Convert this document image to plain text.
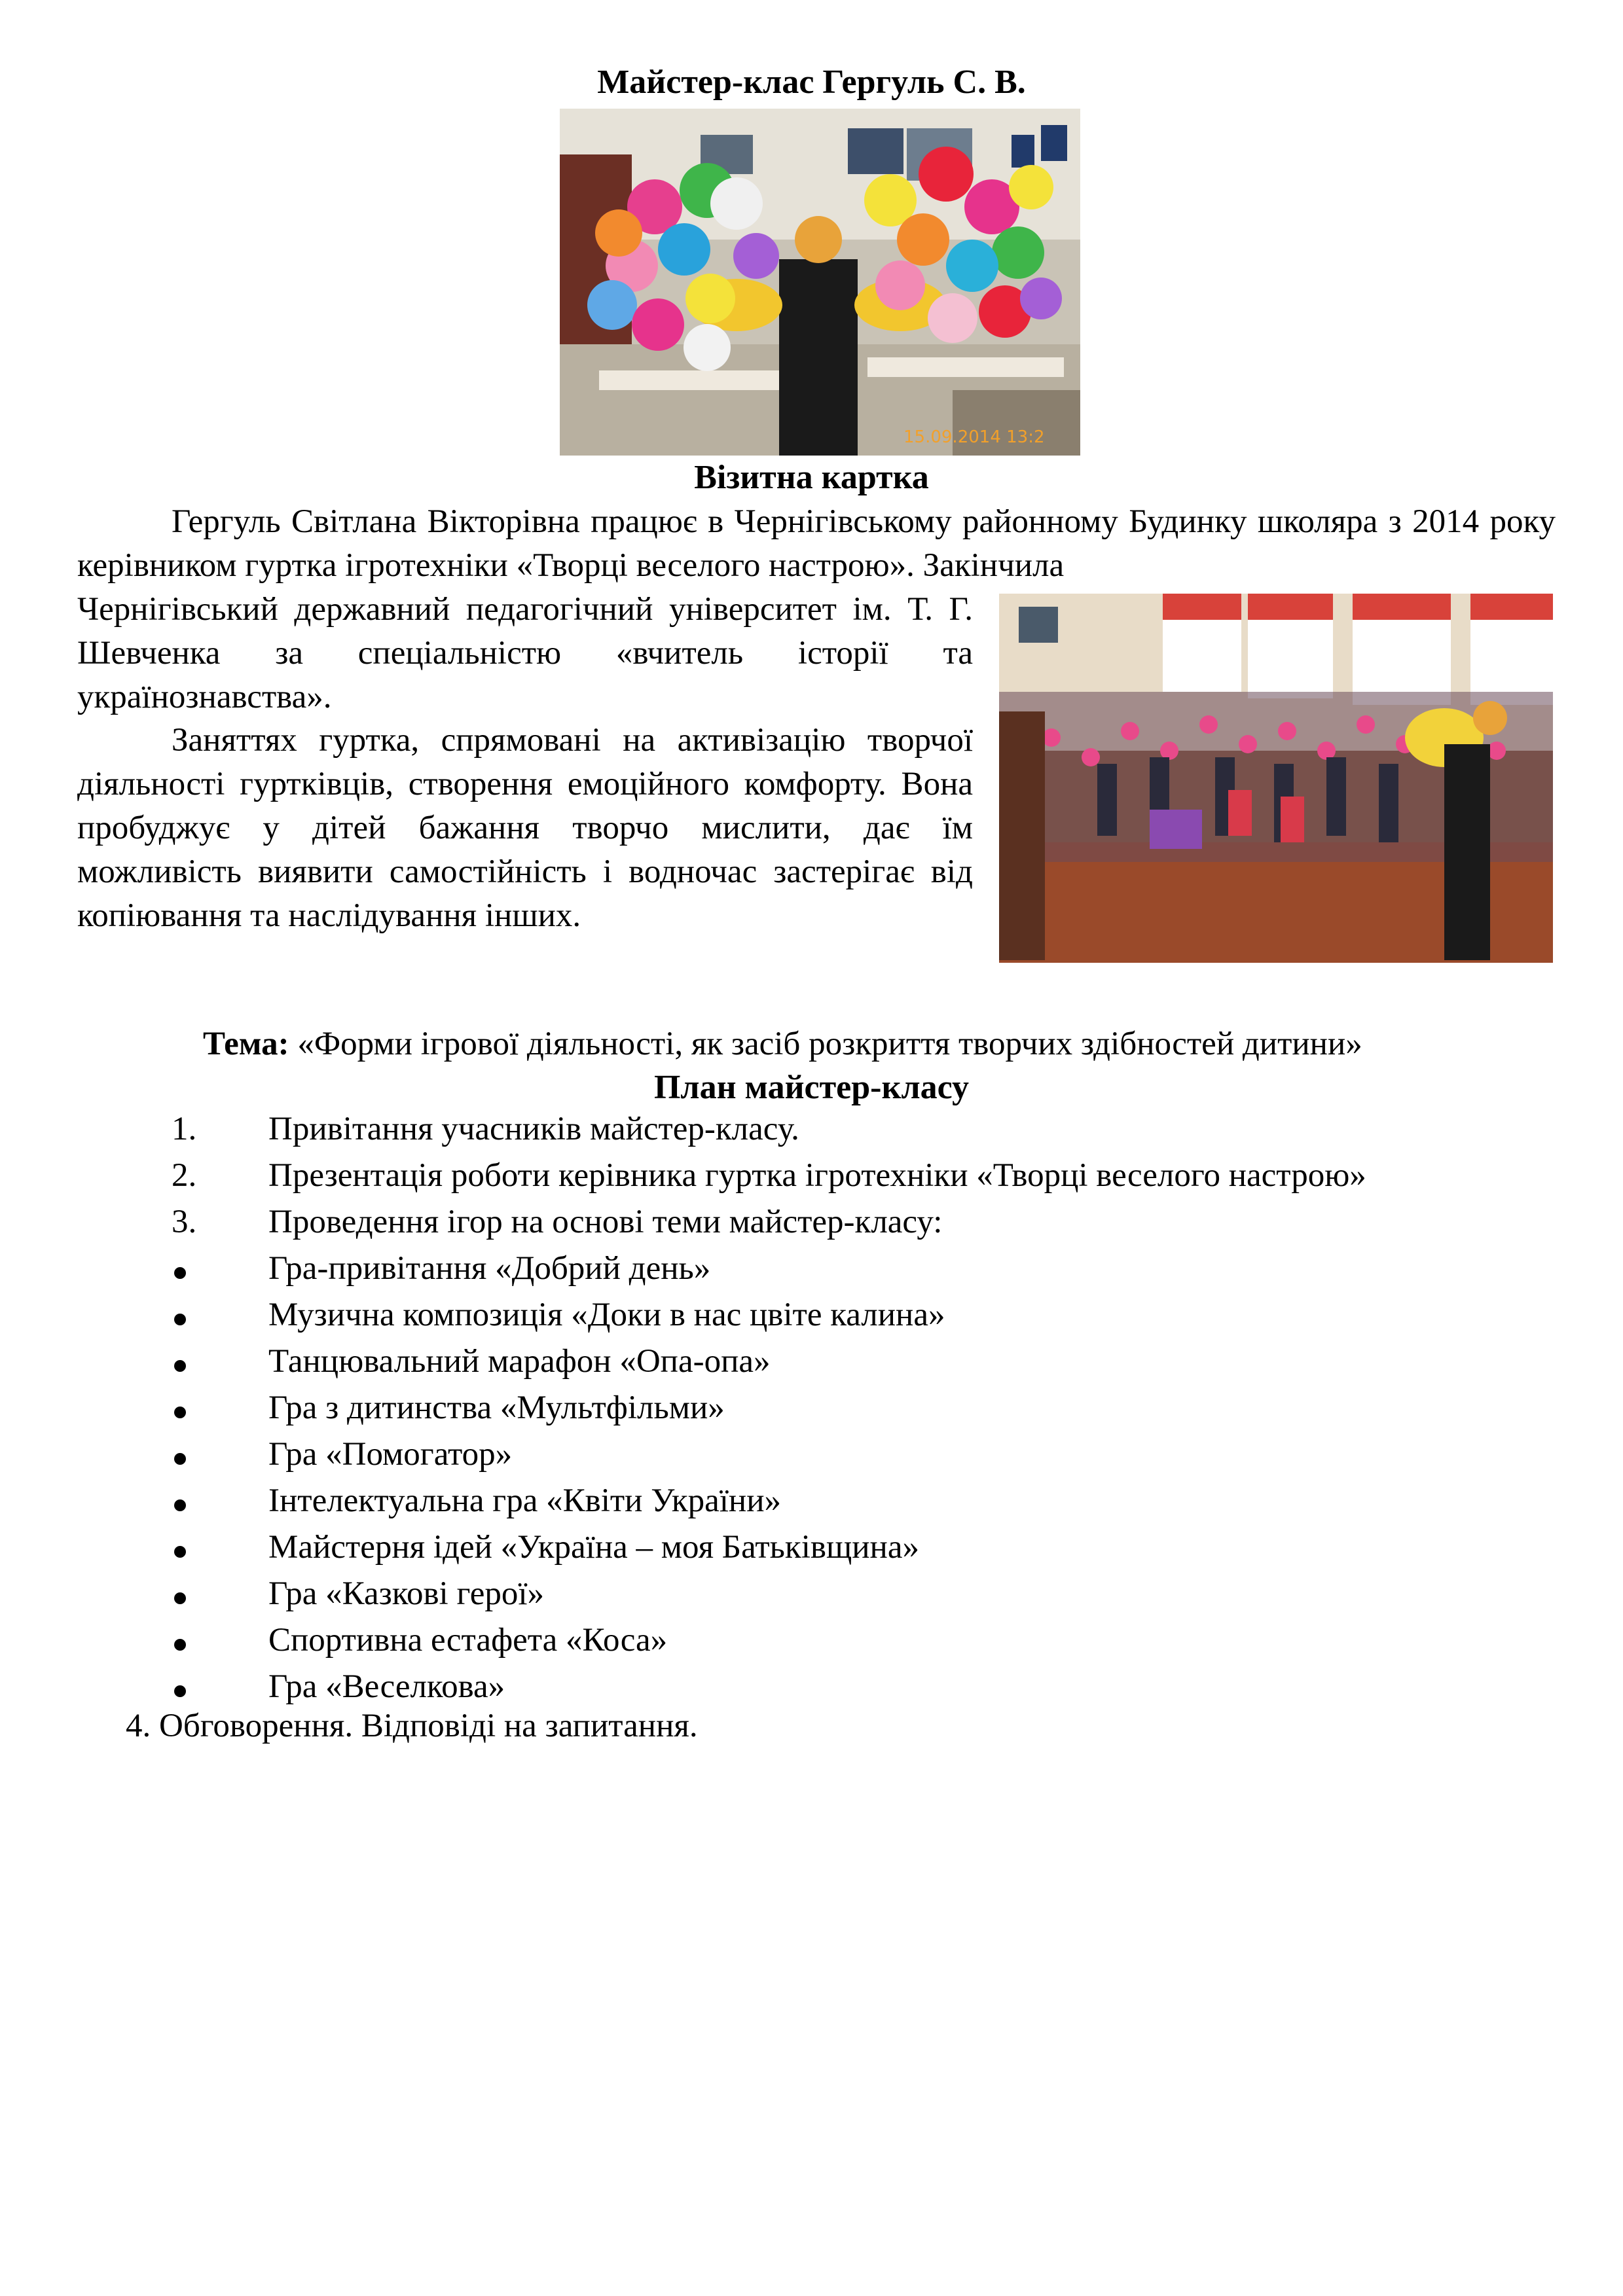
Майстер-клас Гергуль С. В.
15.09.2014 13:2
Візитна картка

Гергуль Світлана Вікторівна працює в Чернігівському районному Будинку школяра з 2014 року керівником гуртка ігротехніки «Творці веселого настрою». Закінчила

Чернігівський державний педагогічний університет ім. Т. Г. Шевченка за спеціальністю «вчитель історії та українознавства».

Заняттях гуртка, спрямовані на активізацію творчої діяльності гуртківців, створення емоційного комфорту. Вона пробуджує у дітей бажання творчо мислити, дає їм можливість виявити самостійність і водночас застерігає від копіювання та наслідування інших.

Тема: «Форми ігрової діяльності, як засіб розкриття творчих здібностей дитини»
План майстер-класу
1. Привітання учасників майстер-класу.
2. Презентація роботи керівника гуртка ігротехніки «Творці веселого настрою»
3. Проведення ігор на основі теми майстер-класу:
Гра-привітання «Добрий день»
Музична композиція «Доки в нас цвіте калина»
Танцювальний марафон «Опа-опа»
Гра з дитинства «Мультфільми»
Гра «Помогатор»
Інтелектуальна гра «Квіти України»
Майстерня ідей «Україна – моя Батьківщина»
Гра «Казкові герої»
Спортивна естафета «Коса»
Гра «Веселкова»
4. Обговорення. Відповіді на запитання.
